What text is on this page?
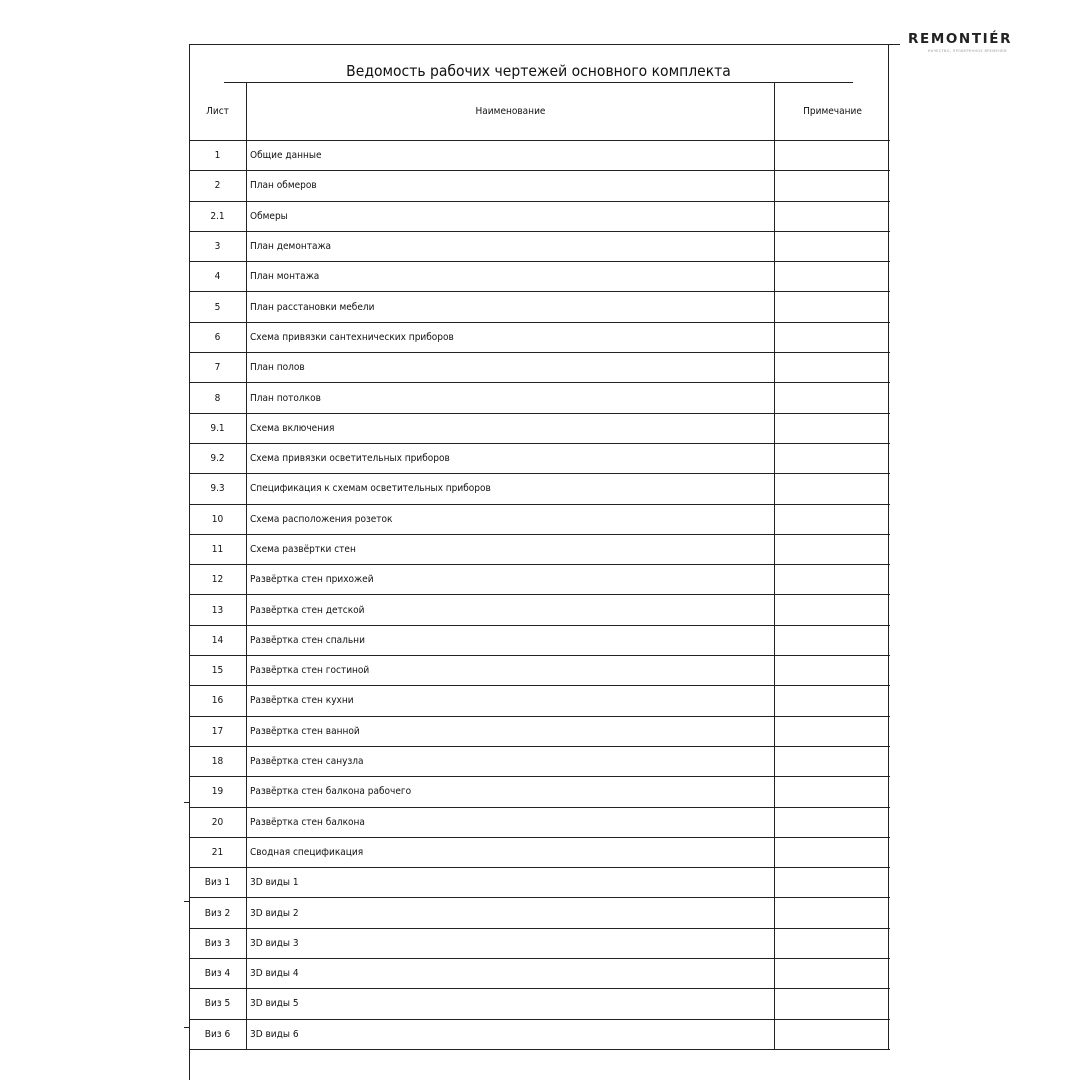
REMONTIÉR
КАЧЕСТВО, ПРОВЕРЕННОЕ ВРЕМЕНЕМ
Ведомость рабочих чертежей основного комплекта
Лист	Наименование	Примечание
1	Общие данные	
2	План обмеров	
2.1	Обмеры	
3	План демонтажа	
4	План монтажа	
5	План расстановки мебели	
6	Схема привязки сантехнических приборов	
7	План полов	
8	План потолков	
9.1	Схема включения	
9.2	Схема привязки осветительных приборов	
9.3	Спецификация к схемам осветительных приборов	
10	Схема расположения розеток	
11	Схема развёртки стен	
12	Развёртка стен прихожей	
13	Развёртка стен детской	
14	Развёртка стен спальни	
15	Развёртка стен гостиной	
16	Развёртка стен кухни	
17	Развёртка стен ванной	
18	Развёртка стен санузла	
19	Развёртка стен балкона рабочего	
20	Развёртка стен балкона	
21	Сводная спецификация	
Виз 1	3D виды 1	
Виз 2	3D виды 2	
Виз 3	3D виды 3	
Виз 4	3D виды 4	
Виз 5	3D виды 5	
Виз 6	3D виды 6	
